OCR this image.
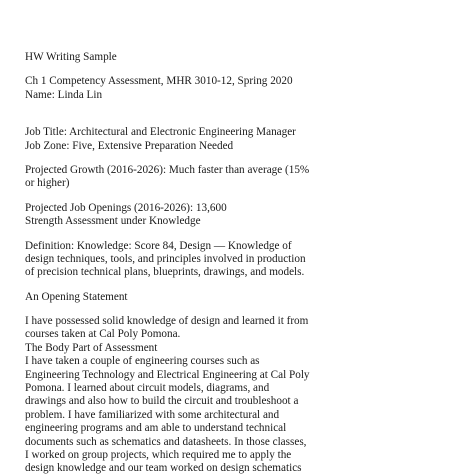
HW Writing Sample
Ch 1 Competency Assessment, MHR 3010-12, Spring 2020
Name: Linda Lin
Job Title: Architectural and Electronic Engineering Manager
Job Zone: Five, Extensive Preparation Needed
Projected Growth (2016-2026): Much faster than average (15%
or higher)
Projected Job Openings (2016-2026): 13,600
Strength Assessment under Knowledge
Definition: Knowledge: Score 84, Design — Knowledge of
design techniques, tools, and principles involved in production
of precision technical plans, blueprints, drawings, and models.
An Opening Statement
I have possessed solid knowledge of design and learned it from
courses taken at Cal Poly Pomona.
The Body Part of Assessment
I have taken a couple of engineering courses such as
Engineering Technology and Electrical Engineering at Cal Poly
Pomona. I learned about circuit models, diagrams, and
drawings and also how to build the circuit and troubleshoot a
problem. I have familiarized with some architectural and
engineering programs and am able to understand technical
documents such as schematics and datasheets. In those classes,
I worked on group projects, which required me to apply the
design knowledge and our team worked on design schematics
